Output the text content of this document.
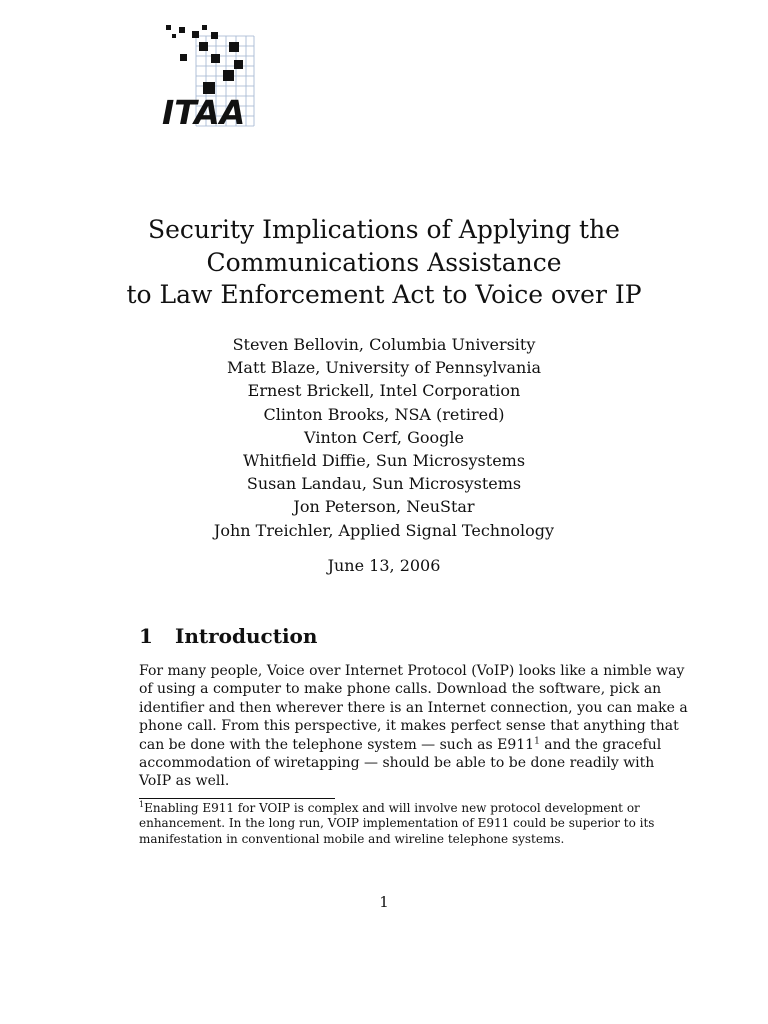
ITAA
Security Implications of Applying the
Communications Assistance
to Law Enforcement Act to Voice over IP
Steven Bellovin, Columbia University
Matt Blaze, University of Pennsylvania
Ernest Brickell, Intel Corporation
Clinton Brooks, NSA (retired)
Vinton Cerf, Google
Whitfield Diffie, Sun Microsystems
Susan Landau, Sun Microsystems
Jon Peterson, NeuStar
John Treichler, Applied Signal Technology
June 13, 2006
1 Introduction
For many people, Voice over Internet Protocol (VoIP) looks like a nimble way
of using a computer to make phone calls. Download the software, pick an
identifier and then wherever there is an Internet connection, you can make a
phone call. From this perspective, it makes perfect sense that anything that
can be done with the telephone system — such as E911$^1$ and the graceful
accommodation of wiretapping — should be able to be done readily with
VoIP as well.
$^1$Enabling E911 for VOIP is complex and will involve new protocol development or
enhancement. In the long run, VOIP implementation of E911 could be superior to its
manifestation in conventional mobile and wireline telephone systems.
1
